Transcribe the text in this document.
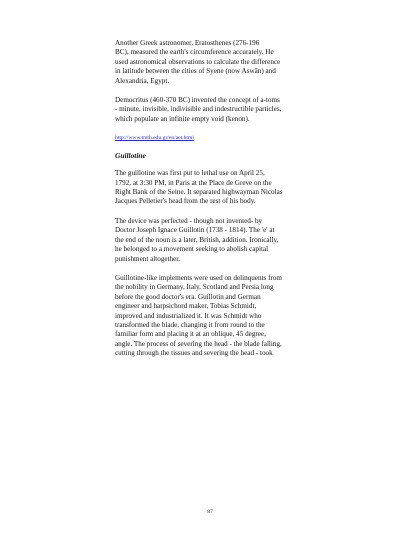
Another Greek astronomer, Eratosthenes (276-196
BC), measured the earth's circumference accurately. He
used astronomical observations to calculate the difference
in latitude between the cities of Syene (now Aswân) and
Alexandria, Egypt.

Democritus (460-370 BC) invented the concept of a-toms
- minute, invisible, indivisible and indestructible particles,
which populate an infinite empty void (kenon).

http://www.tmth.edu.gr/en/aet.html

Guillotine

The guillotine was first put to lethal use on April 25,
1792, at 3:30 PM, in Paris at the Place de Greve on the
Right Bank of the Seine. It separated highwayman Nicolas
Jacques Pelletier's head from the rest of his body.

The device was perfected - though not invented- by
Doctor Joseph Ignace Guillotin (1738 - 1814). The 'e' at
the end of the noun is a later, British, addition. Ironically,
he belonged to a movement seeking to abolish capital
punishment altogether.

Guillotine-like implements were used on delinquents from
the nobility in Germany, Italy, Scotland and Persia long
before the good doctor's era. Guillotin and German
engineer and harpsichord maker, Tobias Schmidt,
improved and industrialized it. It was Schmidt who
transformed the blade, changing it from round to the
familiar form and placing it at an oblique, 45 degree,
angle. The process of severing the head - the blade falling,
cutting through the tissues and severing the head - took

87
